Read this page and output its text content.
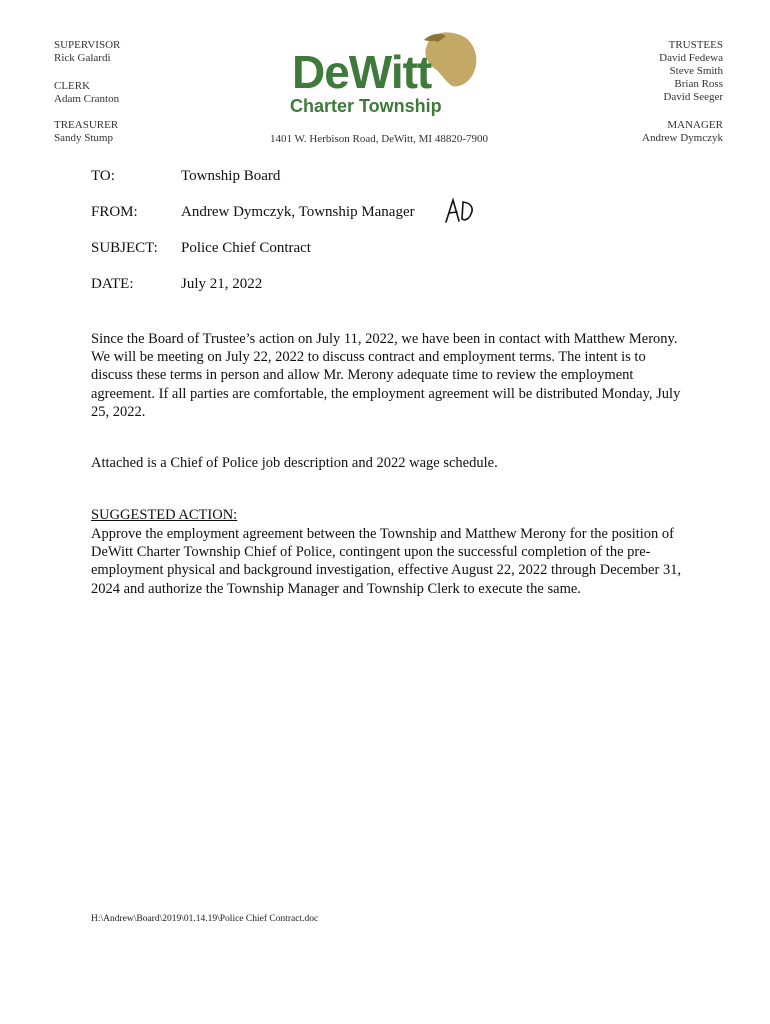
SUPERVISOR
Rick Galardi
CLERK
Adam Cranton
TREASURER
Sandy Stump
TRUSTEES
David Fedewa
Steve Smith
Brian Ross
David Seeger
MANAGER
Andrew Dymczyk
1401 W. Herbison Road, DeWitt, MI 48820-7900
DeWitt
Charter Township
TO:	Township Board
FROM:	Andrew Dymczyk, Township Manager
SUBJECT: Police Chief Contract
DATE:	July 21, 2022
Since the Board of Trustee’s action on July 11, 2022, we have been in contact with Matthew Merony. We will be meeting on July 22, 2022 to discuss contract and employment terms. The intent is to discuss these terms in person and allow Mr. Merony adequate time to review the employment agreement. If all parties are comfortable, the employment agreement will be distributed Monday, July 25, 2022.
Attached is a Chief of Police job description and 2022 wage schedule.
SUGGESTED ACTION:
Approve the employment agreement between the Township and Matthew Merony for the position of DeWitt Charter Township Chief of Police, contingent upon the successful completion of the pre-employment physical and background investigation, effective August 22, 2022 through December 31, 2024 and authorize the Township Manager and Township Clerk to execute the same.
H:\Andrew\Board\2019\01.14.19\Police Chief Contract.doc
